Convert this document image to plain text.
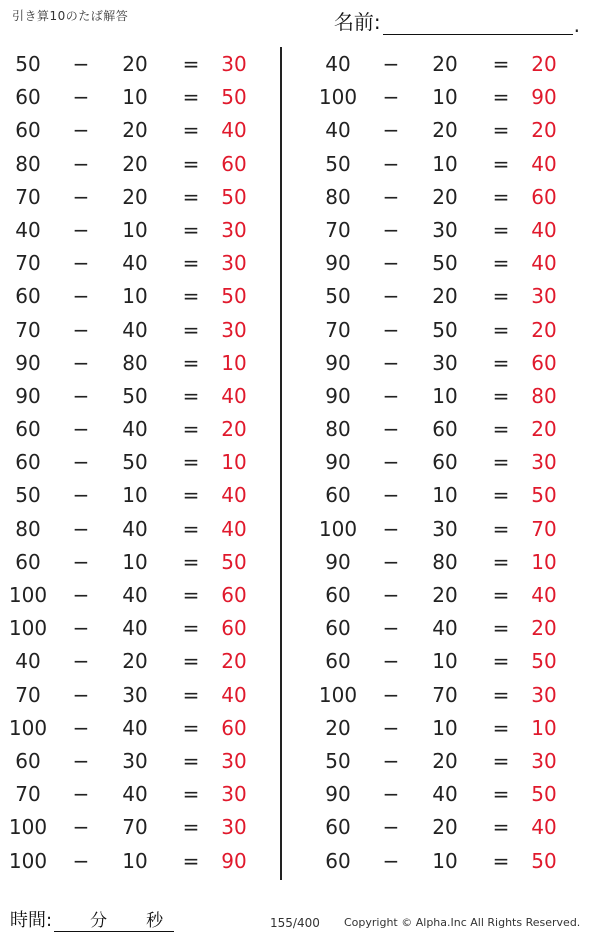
引き算10のたば解答	名前:	.
50	−	20	=	30
60	−	10	=	50
60	−	20	=	40
80	−	20	=	60
70	−	20	=	50
40	−	10	=	30
70	−	40	=	30
60	−	10	=	50
70	−	40	=	30
90	−	80	=	10
90	−	50	=	40
60	−	40	=	20
60	−	50	=	10
50	−	10	=	40
80	−	40	=	40
60	−	10	=	50
100	−	40	=	60
100	−	40	=	60
40	−	20	=	20
70	−	30	=	40
100	−	40	=	60
60	−	30	=	30
70	−	40	=	30
100	−	70	=	30
100	−	10	=	90
40	−	20	=	20
100	−	10	=	90
40	−	20	=	20
50	−	10	=	40
80	−	20	=	60
70	−	30	=	40
90	−	50	=	40
50	−	20	=	30
70	−	50	=	20
90	−	30	=	60
90	−	10	=	80
80	−	60	=	20
90	−	60	=	30
60	−	10	=	50
100	−	30	=	70
90	−	80	=	10
60	−	20	=	40
60	−	40	=	20
60	−	10	=	50
100	−	70	=	30
20	−	10	=	10
50	−	20	=	30
90	−	40	=	50
60	−	20	=	40
60	−	10	=	50
時間: 分 秒	155/400 Copyright © Alpha.Inc All Rights Reserved.
